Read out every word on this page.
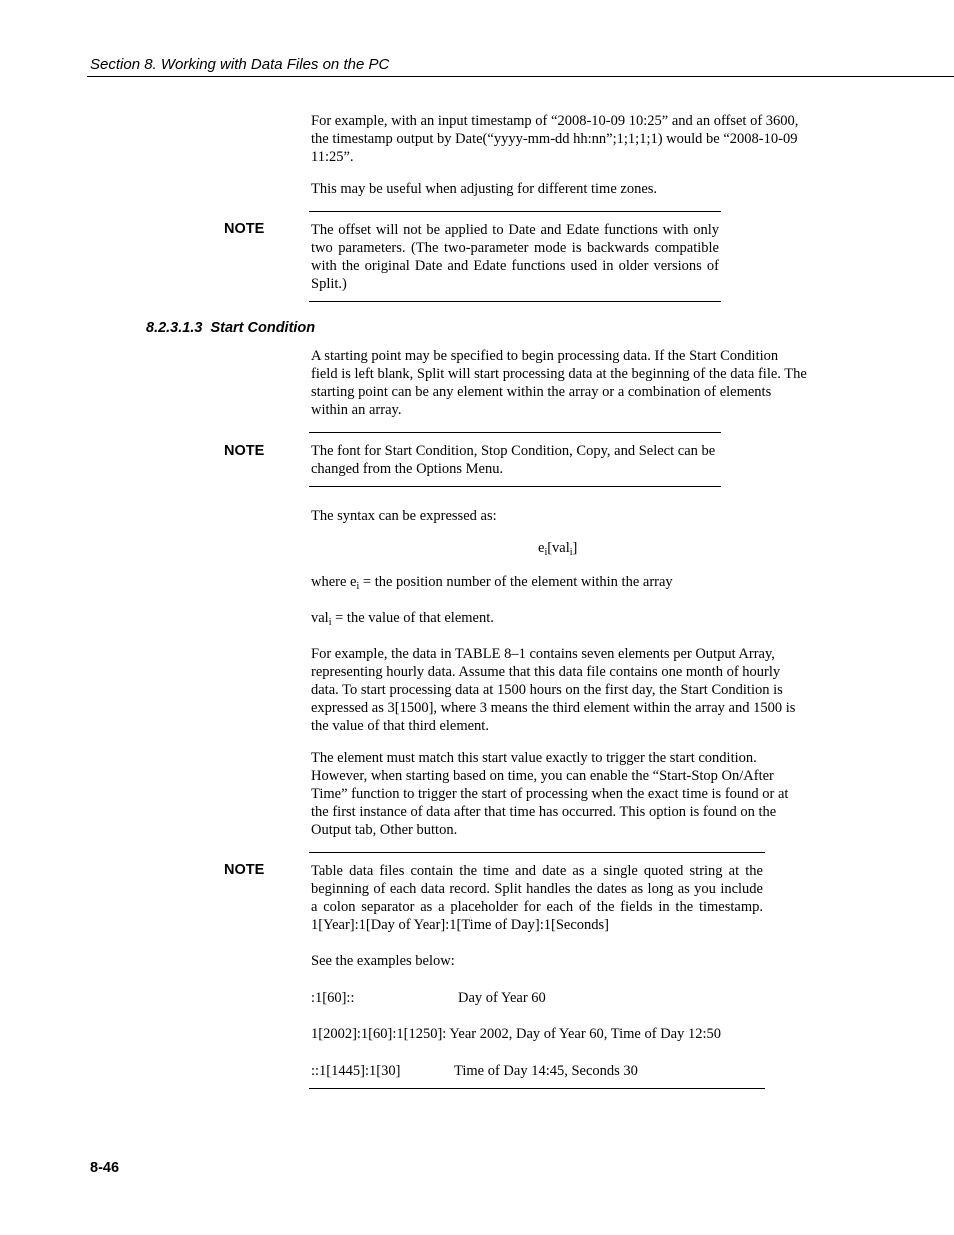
Section 8. Working with Data Files on the PC

For example, with an input timestamp of “2008-10-09 10:25” and an offset of 3600, the timestamp output by Date(“yyyy-mm-dd hh:nn”;1;1;1;1) would be “2008-10-09 11:25”.

This may be useful when adjusting for different time zones.

NOTE	The offset will not be applied to Date and Edate functions with only two parameters. (The two-parameter mode is backwards compatible with the original Date and Edate functions used in older versions of Split.)

8.2.3.1.3 Start Condition

A starting point may be specified to begin processing data. If the Start Condition field is left blank, Split will start processing data at the beginning of the data file. The starting point can be any element within the array or a combination of elements within an array.

NOTE	The font for Start Condition, Stop Condition, Copy, and Select can be changed from the Options Menu.

The syntax can be expressed as:

$e_i[val_i]$

where $e_i$ = the position number of the element within the array

val$_i$ = the value of that element.

For example, the data in TABLE 8–1 contains seven elements per Output Array, representing hourly data. Assume that this data file contains one month of hourly data. To start processing data at 1500 hours on the first day, the Start Condition is expressed as 3[1500], where 3 means the third element within the array and 1500 is the value of that third element.

The element must match this start value exactly to trigger the start condition. However, when starting based on time, you can enable the “Start-Stop On/After Time” function to trigger the start of processing when the exact time is found or at the first instance of data after that time has occurred. This option is found on the Output tab, Other button.

NOTE	Table data files contain the time and date as a single quoted string at the beginning of each data record. Split handles the dates as long as you include a colon separator as a placeholder for each of the fields in the timestamp. 1[Year]:1[Day of Year]:1[Time of Day]:1[Seconds]

See the examples below:

:1[60]::	Day of Year 60

1[2002]:1[60]:1[1250]: Year 2002, Day of Year 60, Time of Day 12:50

::1[1445]:1[30]	Time of Day 14:45, Seconds 30

8-46
